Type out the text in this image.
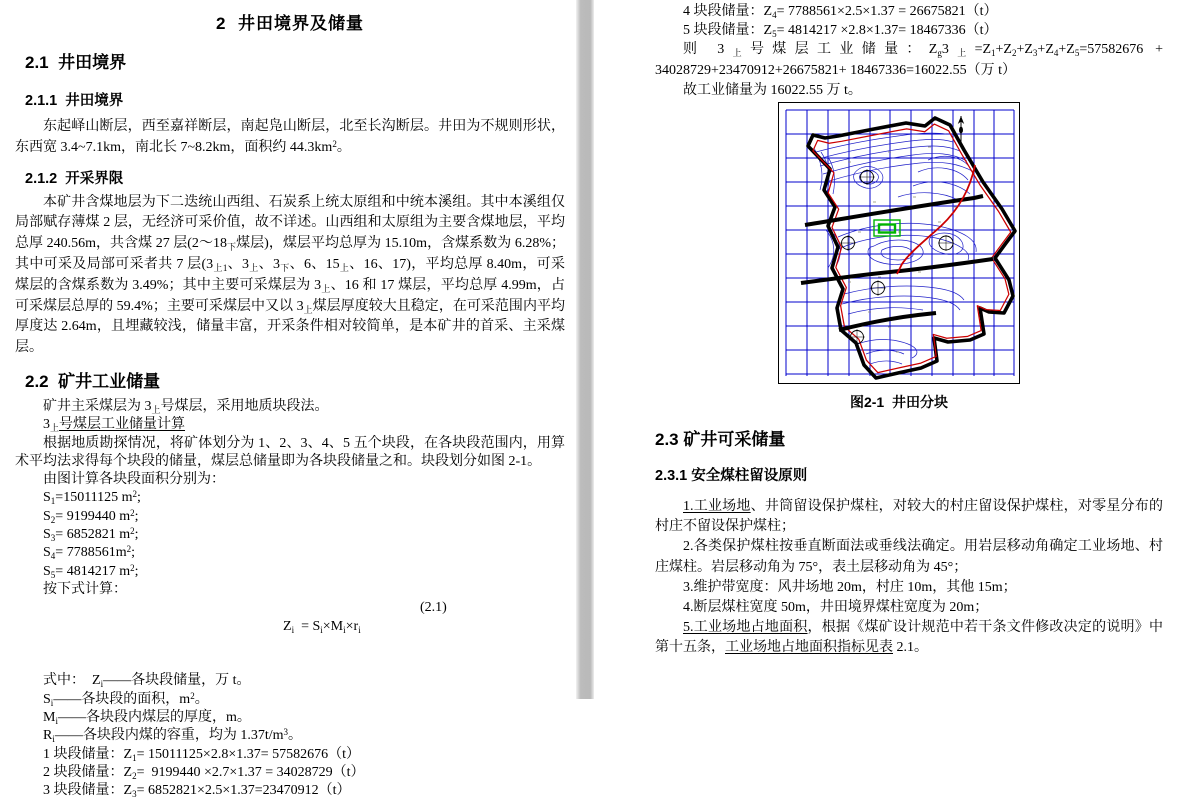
2  井田境界及储量
2.1  井田境界
2.1.1  井田境界

东起峄山断层，西至嘉祥断层，南起凫山断层，北至长沟断层。井田为不规则形状，东西宽 3.4~7.1km，南北长 7~8.2km，面积约 $44.3km^2$。

2.1.2  开采界限

本矿井含煤地层为下二迭统山西组、石炭系上统太原组和中统本溪组。其中本溪组仅局部赋存薄煤 2 层，无经济可采价值，故不详述。山西组和太原组为主要含煤地层，平均总厚 240.56m，共含煤 27 层($2\sim 18_下$煤层)，煤层平均总厚为 15.10m，含煤系数为 6.28%；其中可采及局部可采者共 7 层($3_{上1}$、$3_上$、$3_下$、6、$15_上$、16、17)，平均总厚 8.40m，可采煤层的含煤系数为 3.49%；其中主要可采煤层为 $3_上$、16 和 17 煤层，平均总厚 4.99m，占可采煤层总厚的 59.4%；主要可采煤层中又以 $3_上$煤层厚度较大且稳定，在可采范围内平均厚度达 2.64m，且埋藏较浅，储量丰富，开采条件相对较简单，是本矿井的首采、主采煤层。

2.2  矿井工业储量
矿井主采煤层为 $3_上$号煤层，采用地质块段法。
$3_上$号煤层工业储量计算

根据地质勘探情况，将矿体划分为 1、2、3、4、5 五个块段，在各块段范围内，用算术平均法求得每个块段的储量，煤层总储量即为各块段储量之和。块段划分如图 2-1。

由图计算各块段面积分别为：
$S_1=15011125$ $m^2$;
$S_2= 9199440$ $m^2$;
$S_3= 6852821$ $m^2$;
$S_4= 7788561m^2$;
$S_5= 4814217$ $m^2$;
按下式计算：

$Z_i = S_i\times M_i\times r_i$

(2.1)

式中：  $Z_i——$各块段储量，万 t。
$S_i——$各块段的面积，$m^2$。
$M_i——$各块段内煤层的厚度，m。
$R_i——$各块段内煤的容重，均为 $1.37t/m^3$。
1 块段储量：$Z_1= 15011125\times 2.8\times 1.37= 57582676(t)$
2 块段储量：$Z_2= 9199440 \times 2.7\times 1.37 = 34028729(t)$
3 块段储量：$Z_3= 6852821\times 2.5\times 1.37=23470912(t)$
4 块段储量：$Z_4= 7788561\times 2.5\times 1.37 = 26675821(t)$
5 块段储量：$Z_5= 4814217 \times 2.8\times 1.37= 18467336(t)$

则 $3_上$号煤层工业储量：$Z_g3_上=Z_1+Z_2+Z_3+Z_4+Z_5=57582676 + 34028729+23470912+26675821+ 18467336=16022.55$（万 t）

故工业储量为 16022.55 万 t。
图2-1  井田分块
2.3 矿井可采储量
2.3.1 安全煤柱留设原则

1.工业场地、井筒留设保护煤柱，对较大的村庄留设保护煤柱，对零星分布的村庄不留设保护煤柱；

2.各类保护煤柱按垂直断面法或垂线法确定。用岩层移动角确定工业场地、村庄煤柱。岩层移动角为 75°，表土层移动角为 45°；

3.维护带宽度：风井场地 20m，村庄 10m，其他 15m；

4.断层煤柱宽度 50m，井田境界煤柱宽度为 20m；

5.工业场地占地面积，根据《煤矿设计规范中若干条文件修改决定的说明》中第十五条，工业场地占地面积指标见表 2.1。
